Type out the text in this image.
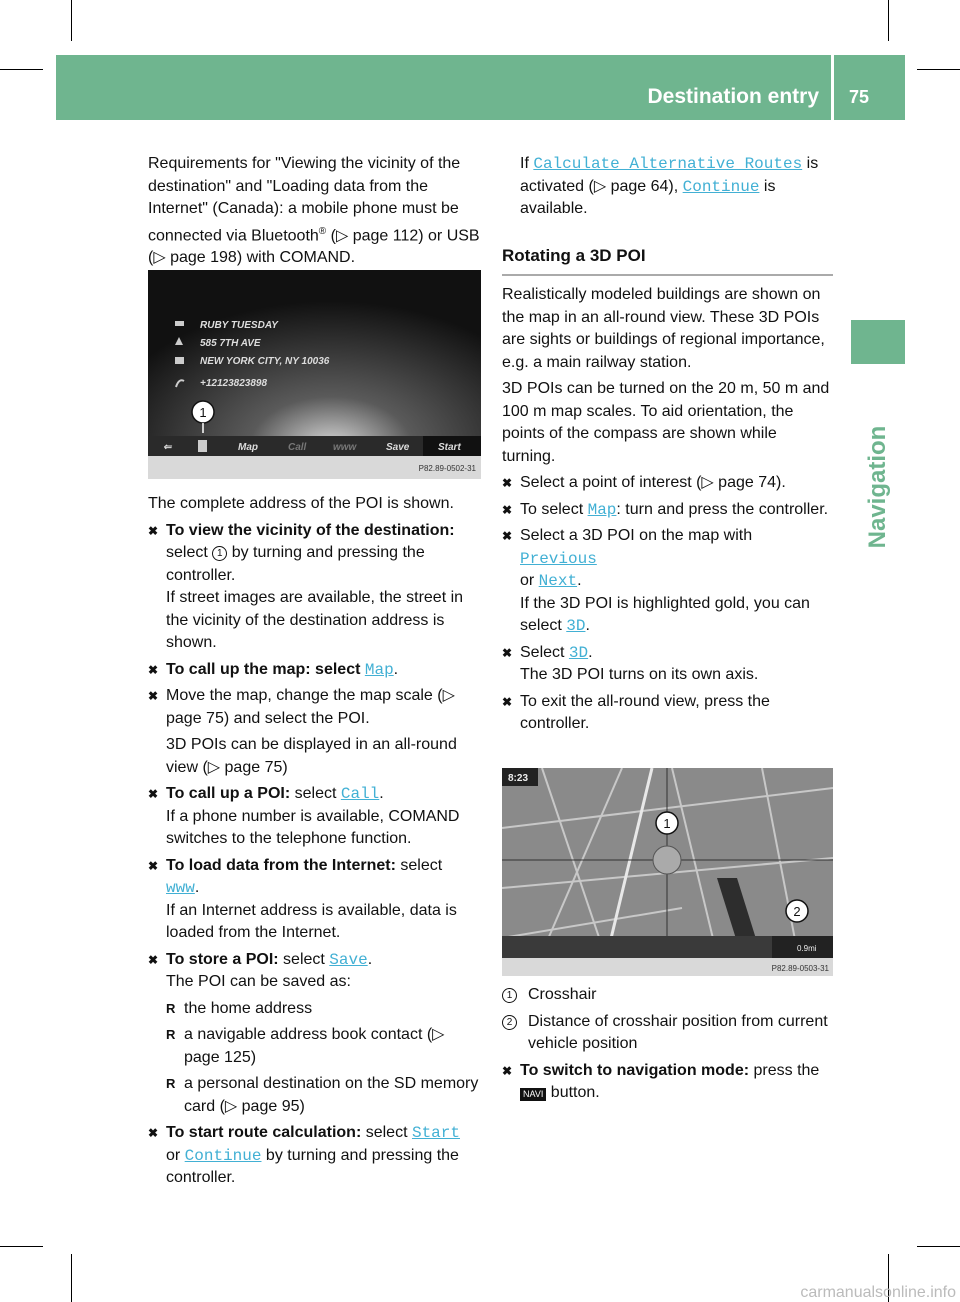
Destination entry 75
Navigation

Requirements for "Viewing the vicinity of the destination" and "Loading data from the Internet" (Canada): a mobile phone must be connected via Bluetooth® (▷ page 112) or USB (▷ page 198) with COMAND.

RUBY TUESDAY
585 7TH AVE
NEW YORK CITY, NY 10036
+12123823898
1
⇐	Map	Call	www	Save	Start
P82.89-0502-31

The complete address of the POI is shown.

✖ To view the vicinity of the destination:
select 1 by turning and pressing the controller.
If street images are available, the street in the vicinity of the destination address is shown.
✖ To call up the map: select Map.
✖ Move the map, change the map scale (▷ page 75) and select the POI.
3D POIs can be displayed in an all-round view (▷ page 75)
✖ To call up a POI: select Call.
If a phone number is available, COMAND switches to the telephone function.
✖ To load data from the Internet: select
www.
If an Internet address is available, data is loaded from the Internet.
✖ To store a POI: select Save.
The POI can be saved as:
R the home address
R a navigable address book contact (▷ page 125)
R a personal destination on the SD memory card (▷ page 95)
✖ To start route calculation: select Start
or Continue by turning and pressing the controller.

If Calculate Alternative Routes is activated (▷ page 64), Continue is available.

Rotating a 3D POI

Realistically modeled buildings are shown on the map in an all-round view. These 3D POIs are sights or buildings of regional importance, e.g. a main railway station.

3D POIs can be turned on the 20 m, 50 m and 100 m map scales. To aid orientation, the points of the compass are shown while turning.

✖ Select a point of interest (▷ page 74).
✖ To select Map: turn and press the controller.
✖ Select a 3D POI on the map with Previous
or Next.
If the 3D POI is highlighted gold, you can select 3D.
✖ Select 3D.
The 3D POI turns on its own axis.
✖ To exit the all-round view, press the controller.
8:23
0.9mi
1
2
P82.89-0503-31
1 Crosshair
2 Distance of crosshair position from current vehicle position
✖ To switch to navigation mode: press the
NAVI button.
carmanualsonline.info
